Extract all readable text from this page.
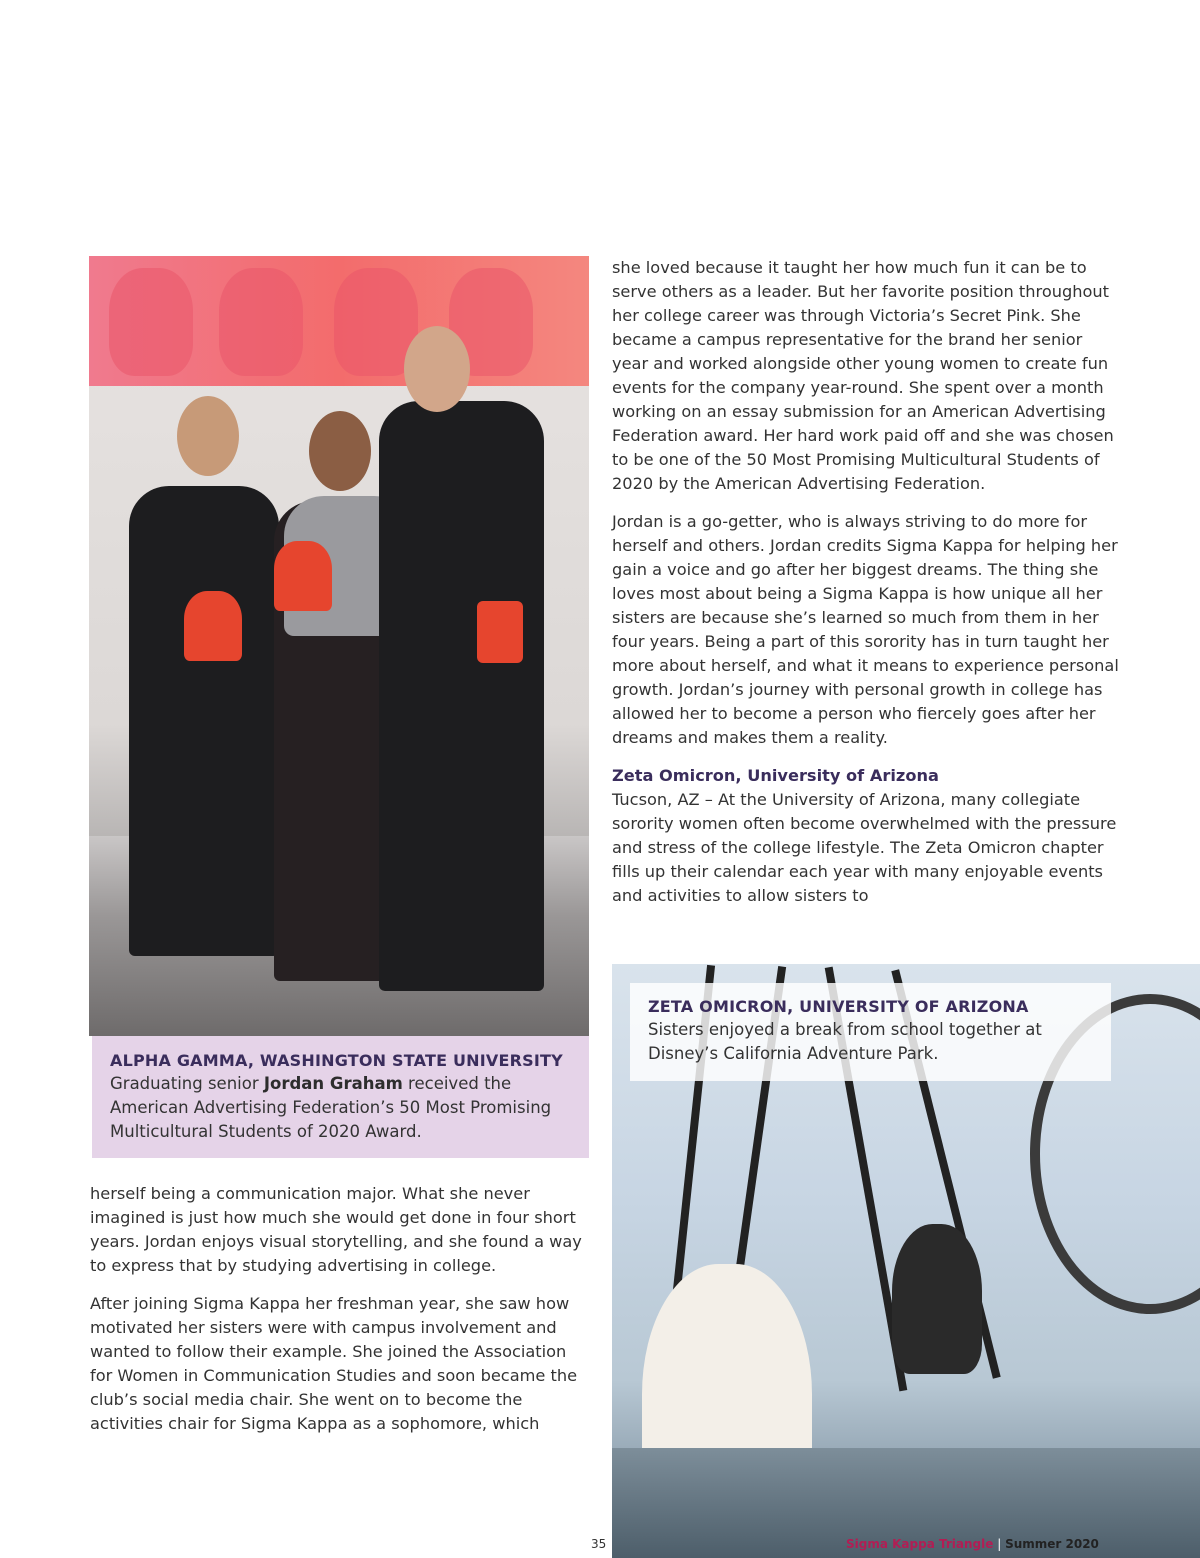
ALPHA GAMMA, WASHINGTON STATE UNIVERSITY
Graduating senior Jordan Graham received the American Advertising Federation’s 50 Most Promising Multicultural Students of 2020 Award.

she loved because it taught her how much fun it can be to serve others as a leader. But her favorite position throughout her college career was through Victoria’s Secret Pink. She became a campus representative for the brand her senior year and worked alongside other young women to create fun events for the company year-round. She spent over a month working on an essay submission for an American Advertising Federation award. Her hard work paid off and she was chosen to be one of the 50 Most Promising Multicultural Students of 2020 by the American Advertising Federation.

Jordan is a go-getter, who is always striving to do more for herself and others. Jordan credits Sigma Kappa for helping her gain a voice and go after her biggest dreams. The thing she loves most about being a Sigma Kappa is how unique all her sisters are because she’s learned so much from them in her four years. Being a part of this sorority has in turn taught her more about herself, and what it means to experience personal growth. Jordan’s journey with personal growth in college has allowed her to become a person who fiercely goes after her dreams and makes them a reality.

Zeta Omicron, University of Arizona

Tucson, AZ – At the University of Arizona, many collegiate sorority women often become overwhelmed with the pressure and stress of the college lifestyle. The Zeta Omicron chapter fills up their calendar each year with many enjoyable events and activities to allow sisters to

herself being a communication major. What she never imagined is just how much she would get done in four short years. Jordan enjoys visual storytelling, and she found a way to express that by studying advertising in college.

After joining Sigma Kappa her freshman year, she saw how motivated her sisters were with campus involvement and wanted to follow their example. She joined the Association for Women in Communication Studies and soon became the club’s social media chair. She went on to become the activities chair for Sigma Kappa as a sophomore, which

ZETA OMICRON, UNIVERSITY OF ARIZONA
Sisters enjoyed a break from school together at Disney’s California Adventure Park.
35	Sigma Kappa Triangle | Summer 2020
